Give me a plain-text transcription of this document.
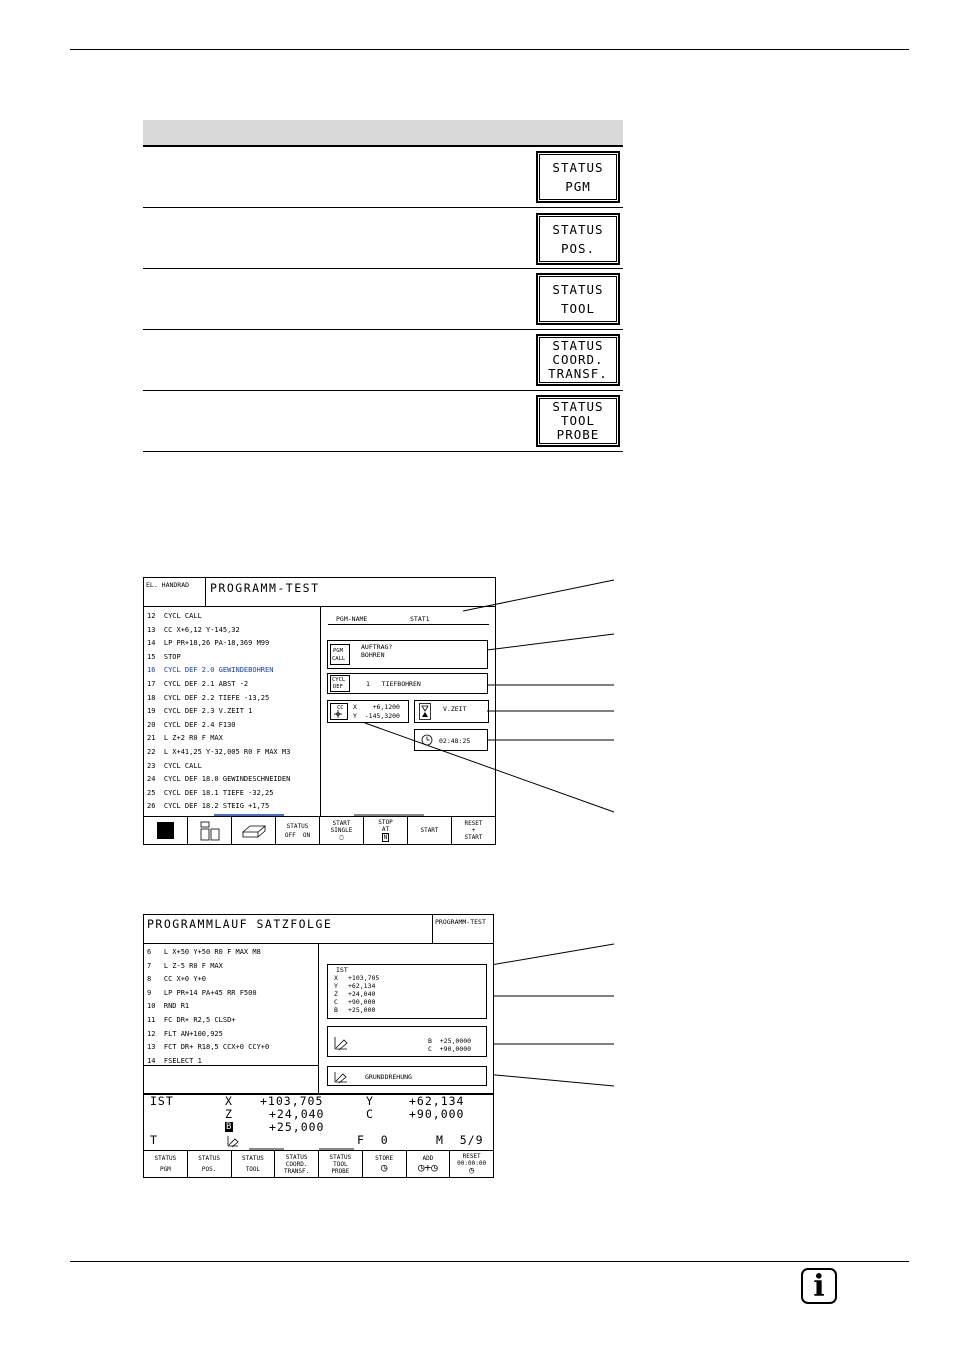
STATUS
PGM
STATUS
POS.
STATUS
TOOL
STATUS
COORD.
TRANSF.
STATUS
TOOL
PROBE
EL. HANDRAD PROGRAMM-TEST
12  CYCL CALL
13  CC X+6,12 Y-145,32
14  LP PR+18,26 PA-18,369 M99
15  STOP
16  CYCL DEF 2.0 GEWINDEBOHREN
17  CYCL DEF 2.1 ABST -2
18  CYCL DEF 2.2 TIEFE -13,25
19  CYCL DEF 2.3 V.ZEIT 1
20  CYCL DEF 2.4 F130
21  L Z+2 R0 F MAX
22  L X+41,25 Y-32,005 R0 F MAX M3
23  CYCL CALL
24  CYCL DEF 18.0 GEWINDESCHNEIDEN
25  CYCL DEF 18.1 TIEFE -32,25
26  CYCL DEF 18.2 STEIG +1,75
PGM-NAME	STAT1
PGM
CALL
AUFTRAG?
BOHREN
CYCL
DEF	1   TIEFBOHREN
CC X    +6,1200
Y  -145,3200
V.ZEIT
02:48:25
STATUS
OFF  ON
START
SINGLE
□
STOP
AT
N
START
RESET
+
START
PROGRAMMLAUF SATZFOLGE	PROGRAMM-TEST
6   L X+50 Y+50 R0 F MAX M8
7   L Z-5 R0 F MAX
8   CC X+0 Y+0
9   LP PR+14 PA+45 RR F500
10  RND R1
11  FC DR+ R2,5 CLSD+
12  FLT AN+100,925
13  FCT DR+ R18,5 CCX+0 CCY+0
14  FSELECT 1
IST
X +103,705
Y +62,134
Z +24,040
C +90,000
B +25,000
B  +25,0000
C  +90,0000
GRUNDDREHUNG
IST	X +103,705	Y	+62,134
Z	+24,040	C	+90,000
B	+25,000
T	F  0	M  5/9
STATUS
PGM
STATUS
POS.
STATUS
TOOL
STATUS
COORD.
TRANSF.
STATUS
TOOL
PROBE
STORE
◷
ADD
◷+◷
RESET
00:00:00
◷
i
